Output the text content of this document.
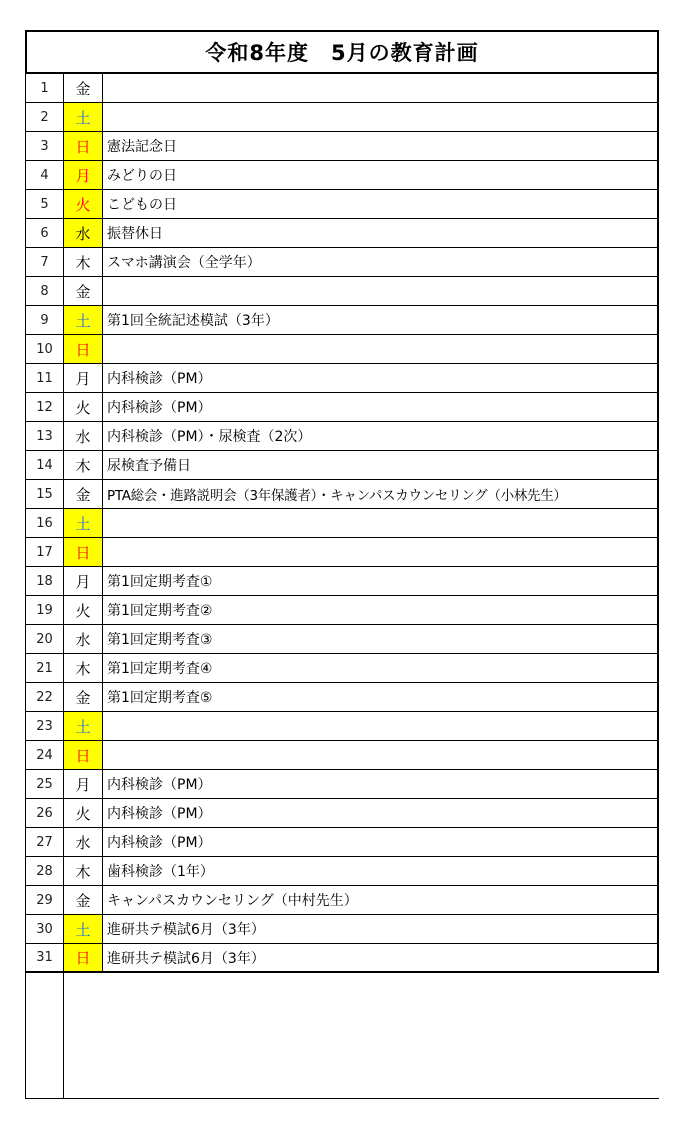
令和8年度　5月の教育計画
1	金
2	土
3	日	憲法記念日
4	月	みどりの日
5	火	こどもの日
6	水	振替休日
7	木	スマホ講演会（全学年）
8	金
9	土	第1回全統記述模試（3年）
10	日
11	月	内科検診（PM）
12	火	内科検診（PM）
13	水	内科検診（PM）・尿検査（2次）
14	木	尿検査予備日
15	金	PTA総会・進路説明会（3年保護者）・キャンパスカウンセリング（小林先生）
16	土
17	日
18	月	第1回定期考査①
19	火	第1回定期考査②
20	水	第1回定期考査③
21	木	第1回定期考査④
22	金	第1回定期考査⑤
23	土
24	日
25	月	内科検診（PM）
26	火	内科検診（PM）
27	水	内科検診（PM）
28	木	歯科検診（1年）
29	金	キャンパスカウンセリング（中村先生）
30	土	進研共テ模試6月（3年）
31	日	進研共テ模試6月（3年）
